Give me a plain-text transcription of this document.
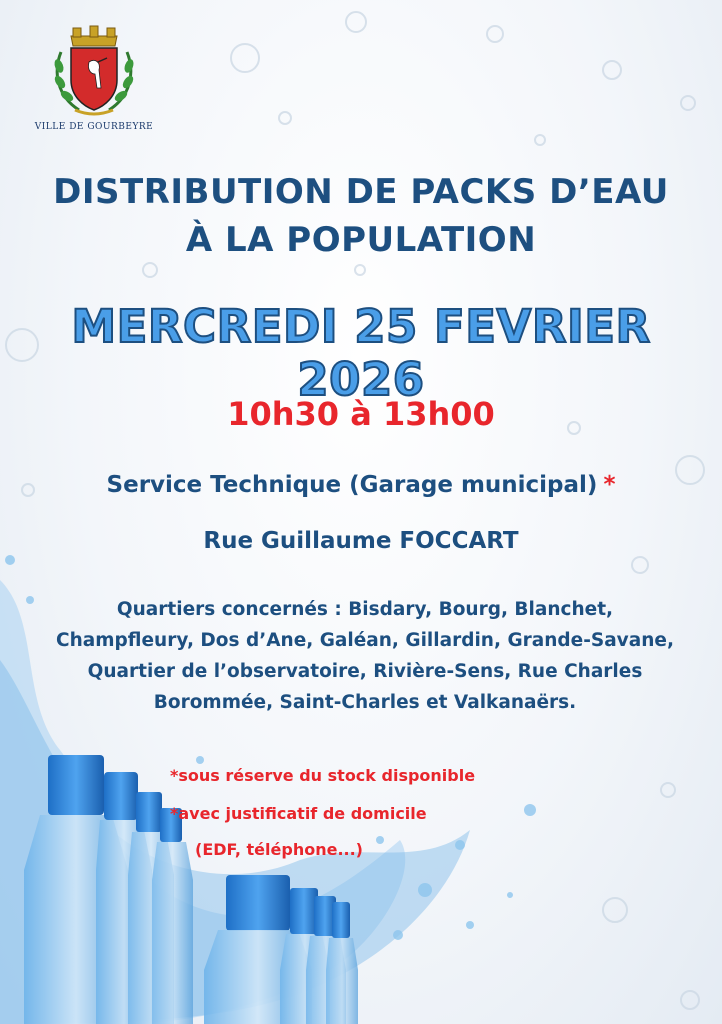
VILLE DE GOURBEYRE
DISTRIBUTION DE PACKS D’EAU
À LA POPULATION
MERCREDI 25 FEVRIER 2026
10h30 à 13h00
Service Technique (Garage municipal) *
Rue Guillaume FOCCART
Quartiers concernés : Bisdary, Bourg, Blanchet, Champfleury, Dos d’Ane, Galéan, Gillardin, Grande-Savane, Quartier de l’observatoire, Rivière-Sens, Rue Charles Borommée, Saint-Charles et Valkanaërs.
*sous réserve du stock disponible
*avec justificatif de domicile
(EDF, téléphone...)
